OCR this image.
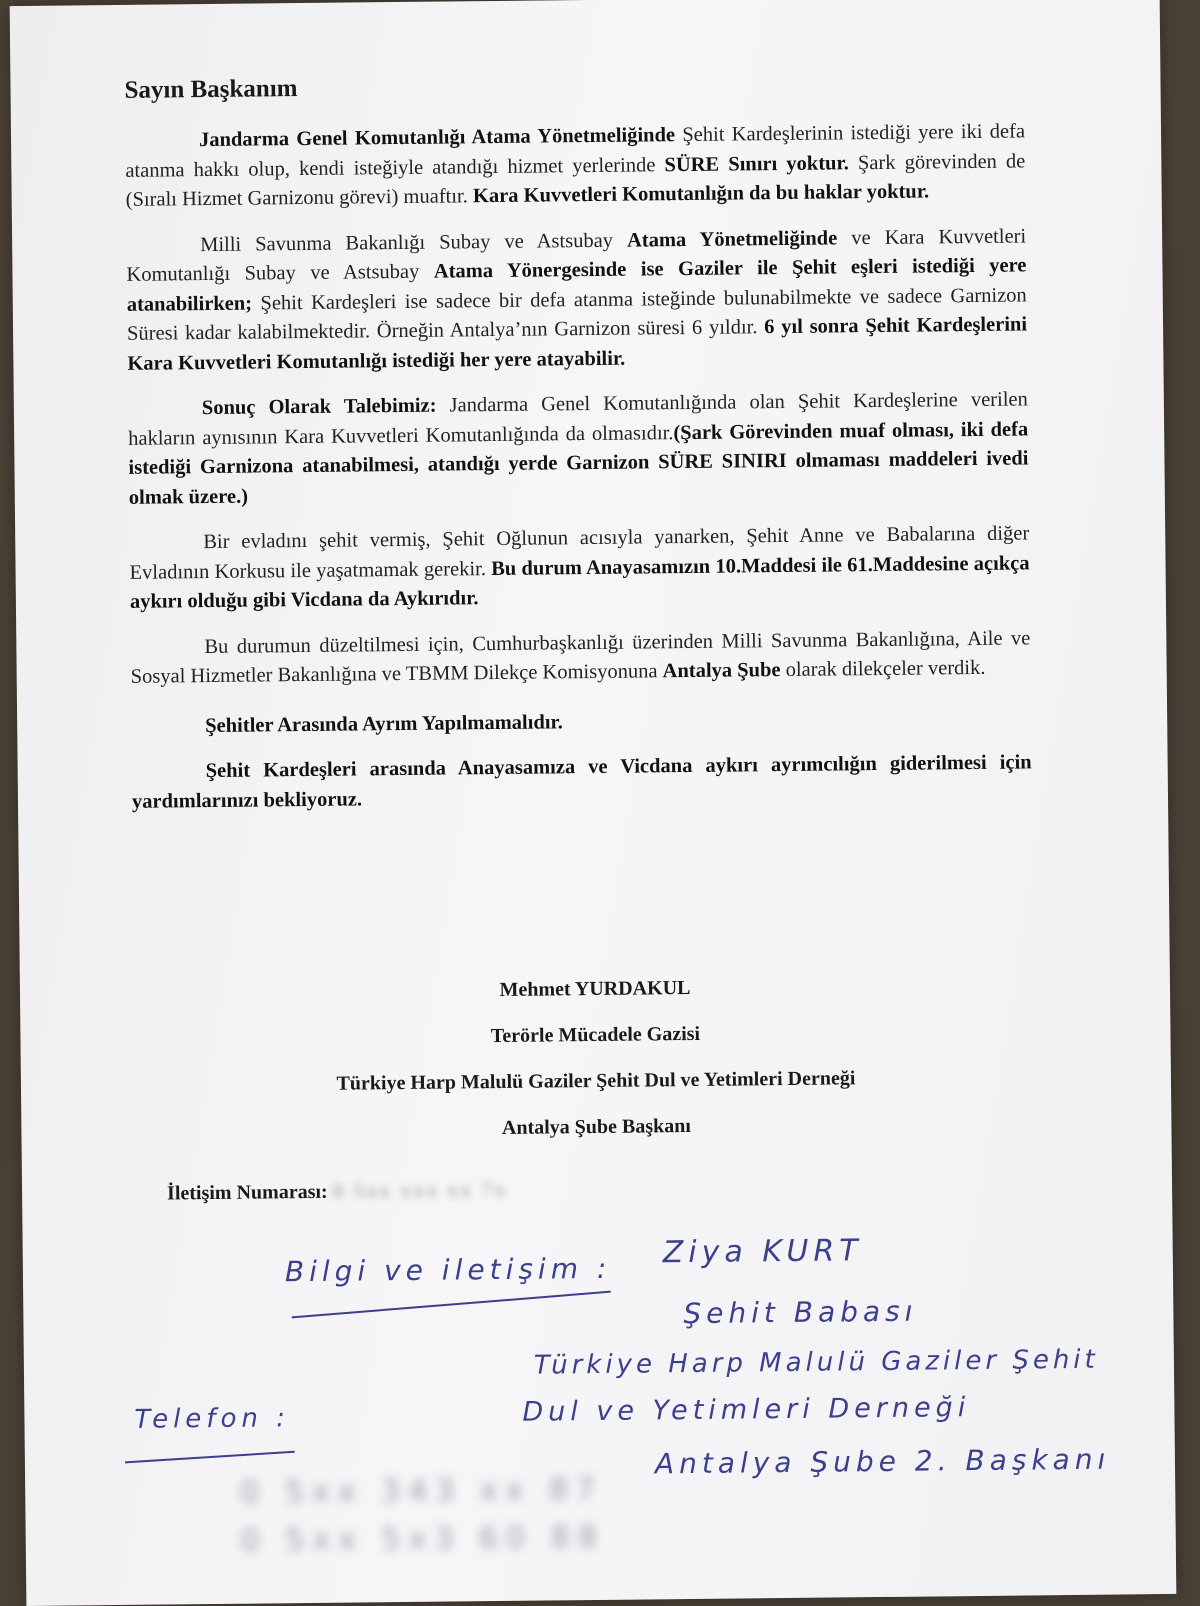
Sayın Başkanım

Jandarma Genel Komutanlığı Atama Yönetmeliğinde Şehit Kardeşlerinin istediği yere iki defa atanma hakkı olup, kendi isteğiyle atandığı hizmet yerlerinde SÜRE Sınırı yoktur. Şark görevinden de (Sıralı Hizmet Garnizonu görevi) muaftır. Kara Kuvvetleri Komutanlığın da bu haklar yoktur.

Milli Savunma Bakanlığı Subay ve Astsubay Atama Yönetmeliğinde ve Kara Kuvvetleri Komutanlığı Subay ve Astsubay Atama Yönergesinde ise Gaziler ile Şehit eşleri istediği yere atanabilirken; Şehit Kardeşleri ise sadece bir defa atanma isteğinde bulunabilmekte ve sadece Garnizon Süresi kadar kalabilmektedir. Örneğin Antalya’nın Garnizon süresi 6 yıldır. 6 yıl sonra Şehit Kardeşlerini Kara Kuvvetleri Komutanlığı istediği her yere atayabilir.

Sonuç Olarak Talebimiz: Jandarma Genel Komutanlığında olan Şehit Kardeşlerine verilen hakların aynısının Kara Kuvvetleri Komutanlığında da olmasıdır.(Şark Görevinden muaf olması, iki defa istediği Garnizona atanabilmesi, atandığı yerde Garnizon SÜRE SINIRI olmaması maddeleri ivedi olmak üzere.)

Bir evladını şehit vermiş, Şehit Oğlunun acısıyla yanarken, Şehit Anne ve Babalarına diğer Evladının Korkusu ile yaşatmamak gerekir. Bu durum Anayasamızın 10.Maddesi ile 61.Maddesine açıkça aykırı olduğu gibi Vicdana da Aykırıdır.

Bu durumun düzeltilmesi için, Cumhurbaşkanlığı üzerinden Milli Savunma Bakanlığına, Aile ve Sosyal Hizmetler Bakanlığına ve TBMM Dilekçe Komisyonuna Antalya Şube olarak dilekçeler verdik.

Şehitler Arasında Ayrım Yapılmamalıdır.

Şehit Kardeşleri arasında Anayasamıza ve Vicdana aykırı ayrımcılığın giderilmesi için yardımlarınızı bekliyoruz.

Mehmet YURDAKUL
Terörle Mücadele Gazisi
Türkiye Harp Malulü Gaziler Şehit Dul ve Yetimleri Derneği
Antalya Şube Başkanı
İletişim Numarası: 0 5xx xxx xx 7x
Bilgi ve iletişim : Ziya KURT
Şehit Babası
Türkiye Harp Malulü Gaziler Şehit
Dul ve Yetimleri Derneği
Antalya Şube 2. Başkanı
Telefon :
0 5xx 343 xx 87
0 5xx 5x3 60 88
